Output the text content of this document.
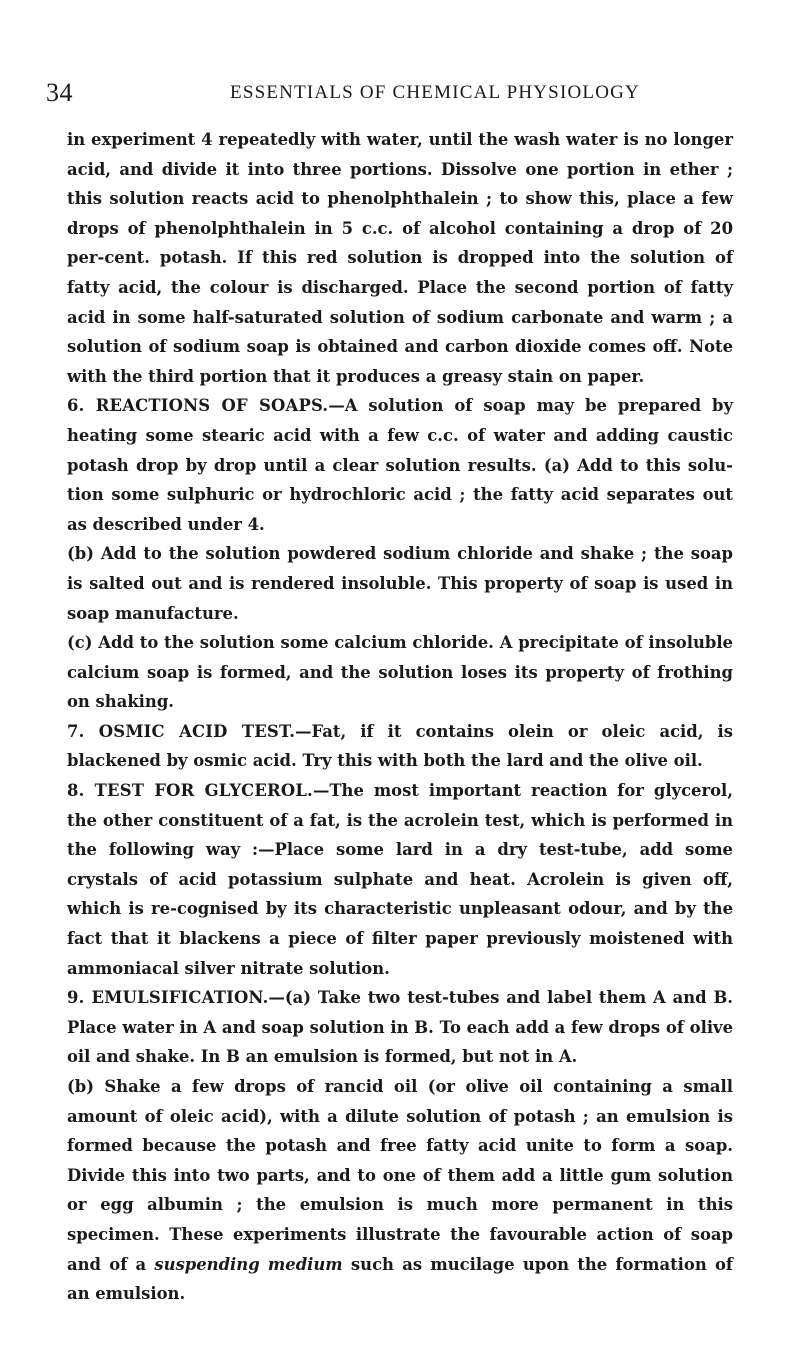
34	ESSENTIALS OF CHEMICAL PHYSIOLOGY

in experiment 4 repeatedly with water, until the wash water is no longer acid, and divide it into three portions. Dissolve one portion in ether ; this solution reacts acid to phenolphthalein ; to show this, place a few drops of phenolphthalein in 5 c.c. of alcohol containing a drop of 20 per-cent. potash. If this red solution is dropped into the solution of fatty acid, the colour is discharged. Place the second portion of fatty acid in some half-saturated solution of sodium carbonate and warm ; a solution of sodium soap is obtained and carbon dioxide comes off. Note with the third portion that it produces a greasy stain on paper.

6. REACTIONS OF SOAPS.—A solution of soap may be prepared by heating some stearic acid with a few c.c. of water and adding caustic potash drop by drop until a clear solution results. (a) Add to this solu-tion some sulphuric or hydrochloric acid ; the fatty acid separates out as described under 4.

(b) Add to the solution powdered sodium chloride and shake ; the soap is salted out and is rendered insoluble. This property of soap is used in soap manufacture.

(c) Add to the solution some calcium chloride. A precipitate of insoluble calcium soap is formed, and the solution loses its property of frothing on shaking.

7. OSMIC ACID TEST.—Fat, if it contains olein or oleic acid, is blackened by osmic acid. Try this with both the lard and the olive oil.

8. TEST FOR GLYCEROL.—The most important reaction for glycerol, the other constituent of a fat, is the acrolein test, which is performed in the following way :—Place some lard in a dry test-tube, add some crystals of acid potassium sulphate and heat. Acrolein is given off, which is re-cognised by its characteristic unpleasant odour, and by the fact that it blackens a piece of filter paper previously moistened with ammoniacal silver nitrate solution.

9. EMULSIFICATION.—(a) Take two test-tubes and label them A and B. Place water in A and soap solution in B. To each add a few drops of olive oil and shake. In B an emulsion is formed, but not in A.

(b) Shake a few drops of rancid oil (or olive oil containing a small amount of oleic acid), with a dilute solution of potash ; an emulsion is formed because the potash and free fatty acid unite to form a soap. Divide this into two parts, and to one of them add a little gum solution or egg albumin ; the emulsion is much more permanent in this specimen. These experiments illustrate the favourable action of soap and of a suspending medium such as mucilage upon the formation of an emulsion.
